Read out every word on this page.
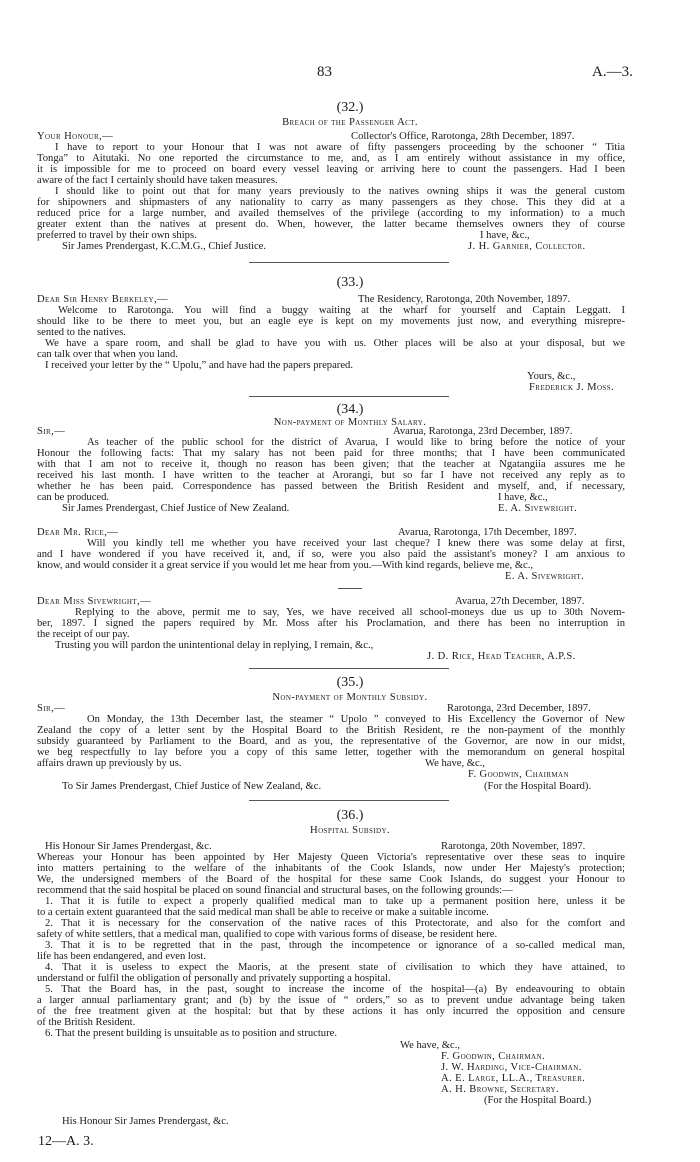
83	A.—3.
(32.)
Breach of the Passenger Act.
Your Honour,—	Collector's Office, Rarotonga, 28th December, 1897.
I have to report to your Honour that I was not aware of fifty passengers proceeding by the schooner “ Titia
Tonga” to Aitutaki. No one reported the circumstance to me, and, as I am entirely without assistance in my office,
it is impossible for me to proceed on board every vessel leaving or arriving here to count the passengers. Had I been
aware of the fact I certainly should have taken measures.
I should like to point out that for many years previously to the natives owning ships it was the general custom
for shipowners and shipmasters of any nationality to carry as many passengers as they chose. This they did at a
reduced price for a large number, and availed themselves of the privilege (according to my information) to a much
greater extent than the natives at present do. When, however, the latter became themselves owners they of course
preferred to travel by their own ships.	I have, &c.,
Sir James Prendergast, K.C.M.G., Chief Justice.	J. H. Garnier, Collector.
(33.)
Dear Sir Henry Berkeley,—	The Residency, Rarotonga, 20th November, 1897.
Welcome to Rarotonga. You will find a buggy waiting at the wharf for yourself and Captain Leggatt. I
should like to be there to meet you, but an eagle eye is kept on my movements just now, and everything misrepre-
sented to the natives.
We have a spare room, and shall be glad to have you with us. Other places will be also at your disposal, but we
can talk over that when you land.
I received your letter by the “ Upolu,” and have had the papers prepared.
Yours, &c.,
Frederick J. Moss.
(34.)
Non-payment of Monthly Salary.
Sir,—	Avarua, Rarotonga, 23rd December, 1897.
As teacher of the public school for the district of Avarua, I would like to bring before the notice of your
Honour the following facts: That my salary has not been paid for three months; that I have been communicated
with that I am not to receive it, though no reason has been given; that the teacher at Ngatangiia assures me he
received his last month. I have written to the teacher at Arorangi, but so far I have not received any reply as to
whether he has been paid. Correspondence has passed between the British Resident and myself, and, if necessary,
can be produced.	I have, &c.,
Sir James Prendergast, Chief Justice of New Zealand.	E. A. Sivewright.
Dear Mr. Rice,—	Avarua, Rarotonga, 17th December, 1897.
Will you kindly tell me whether you have received your last cheque? I knew there was some delay at first,
and I have wondered if you have received it, and, if so, were you also paid the assistant's money? I am anxious to
know, and would consider it a great service if you would let me hear from you.—With kind regards, believe me, &c.,
E. A. Sivewright.
Dear Miss Sivewright,—	Avarua, 27th December, 1897.
Replying to the above, permit me to say, Yes, we have received all school-moneys due us up to 30th Novem-
ber, 1897. I signed the papers required by Mr. Moss after his Proclamation, and there has been no interruption in
the receipt of our pay.
Trusting you will pardon the unintentional delay in replying, I remain, &c.,
J. D. Rice, Head Teacher, A.P.S.
(35.)
Non-payment of Monthly Subsidy.
Sir,—	Rarotonga, 23rd December, 1897.
On Monday, the 13th December last, the steamer “ Upolo ” conveyed to His Excellency the Governor of New
Zealand the copy of a letter sent by the Hospital Board to the British Resident, re the non-payment of the monthly
subsidy guaranteed by Parliament to the Board, and as you, the representative of the Governor, are now in our midst,
we beg respectfully to lay before you a copy of this same letter, together with the memorandum on general hospital
affairs drawn up previously by us.	We have, &c.,
F. Goodwin, Chairman
To Sir James Prendergast, Chief Justice of New Zealand, &c.	(For the Hospital Board).
(36.)
Hospital Subsidy.
His Honour Sir James Prendergast, &c.	Rarotonga, 20th November, 1897.
Whereas your Honour has been appointed by Her Majesty Queen Victoria's representative over these seas to inquire
into matters pertaining to the welfare of the inhabitants of the Cook Islands, now under Her Majesty's protection;
We, the undersigned members of the Board of the hospital for these same Cook Islands, do suggest your Honour to
recommend that the said hospital be placed on sound financial and structural bases, on the following grounds:—
1. That it is futile to expect a properly qualified medical man to take up a permanent position here, unless it be
to a certain extent guaranteed that the said medical man shall be able to receive or make a suitable income.
2. That it is necessary for the conservation of the native races of this Protectorate, and also for the comfort and
safety of white settlers, that a medical man, qualified to cope with various forms of disease, be resident here.
3. That it is to be regretted that in the past, through the incompetence or ignorance of a so-called medical man,
life has been endangered, and even lost.
4. That it is useless to expect the Maoris, at the present state of civilisation to which they have attained, to
understand or fulfil the obligation of personally and privately supporting a hospital.
5. That the Board has, in the past, sought to increase the income of the hospital—(a) By endeavouring to obtain
a larger annual parliamentary grant; and (b) by the issue of “ orders,” so as to prevent undue advantage being taken
of the free treatment given at the hospital: but that by these actions it has only incurred the opposition and censure
of the British Resident.
6. That the present building is unsuitable as to position and structure.
We have, &c.,
F. Goodwin, Chairman.
J. W. Harding, Vice-Chairman.
A. E. Large, LL.A., Treasurer.
A. H. Browne, Secretary.
(For the Hospital Board.)
His Honour Sir James Prendergast, &c.
12—A. 3.
